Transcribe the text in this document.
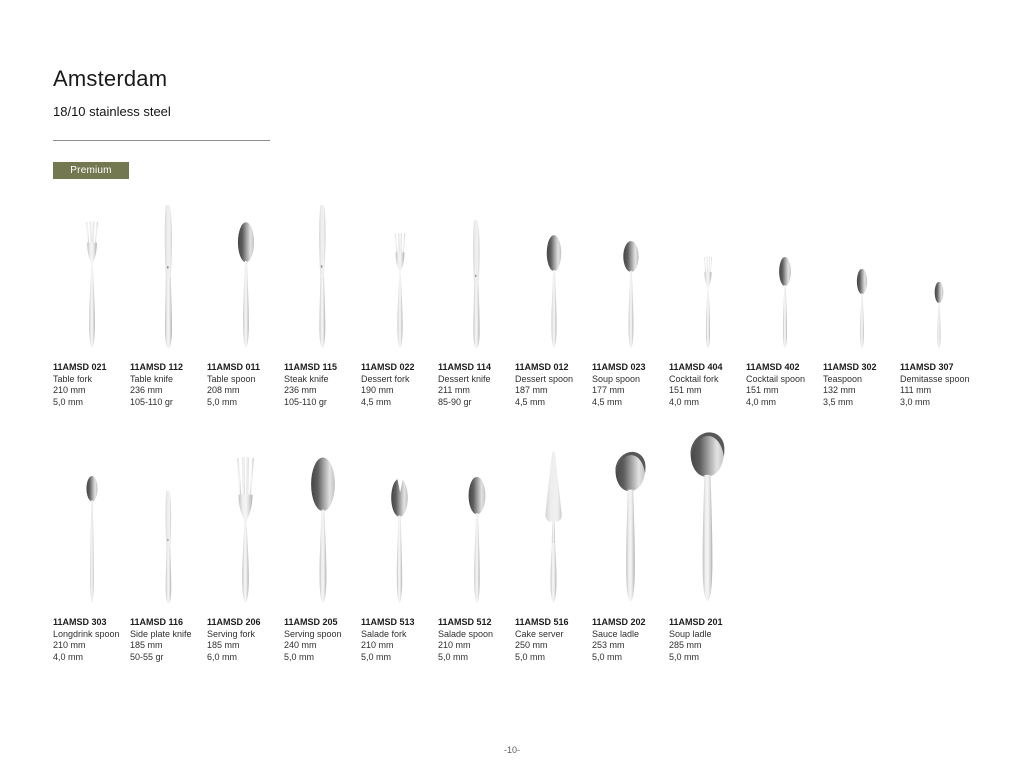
Amsterdam
18/10 stainless steel
Premium
11AMSD 021
Table fork
210 mm
5,0 mm
11AMSD 112
Table knife
236 mm
105-110 gr
11AMSD 011
Table spoon
208 mm
5,0 mm
11AMSD 115
Steak knife
236 mm
105-110 gr
11AMSD 022
Dessert fork
190 mm
4,5 mm
11AMSD 114
Dessert knife
211 mm
85-90 gr
11AMSD 012
Dessert spoon
187 mm
4,5 mm
11AMSD 023
Soup spoon
177 mm
4,5 mm
11AMSD 404
Cocktail fork
151 mm
4,0 mm
11AMSD 402
Cocktail spoon
151 mm
4,0 mm
11AMSD 302
Teaspoon
132 mm
3,5 mm
11AMSD 307
Demitasse spoon
111 mm
3,0 mm
11AMSD 303
Longdrink spoon
210 mm
4,0 mm
11AMSD 116
Side plate knife
185 mm
50-55 gr
11AMSD 206
Serving fork
185 mm
6,0 mm
11AMSD 205
Serving spoon
240 mm
5,0 mm
11AMSD 513
Salade fork
210 mm
5,0 mm
11AMSD 512
Salade spoon
210 mm
5,0 mm
11AMSD 516
Cake server
250 mm
5,0 mm
11AMSD 202
Sauce ladle
253 mm
5,0 mm
11AMSD 201
Soup ladle
285 mm
5,0 mm
-10-
